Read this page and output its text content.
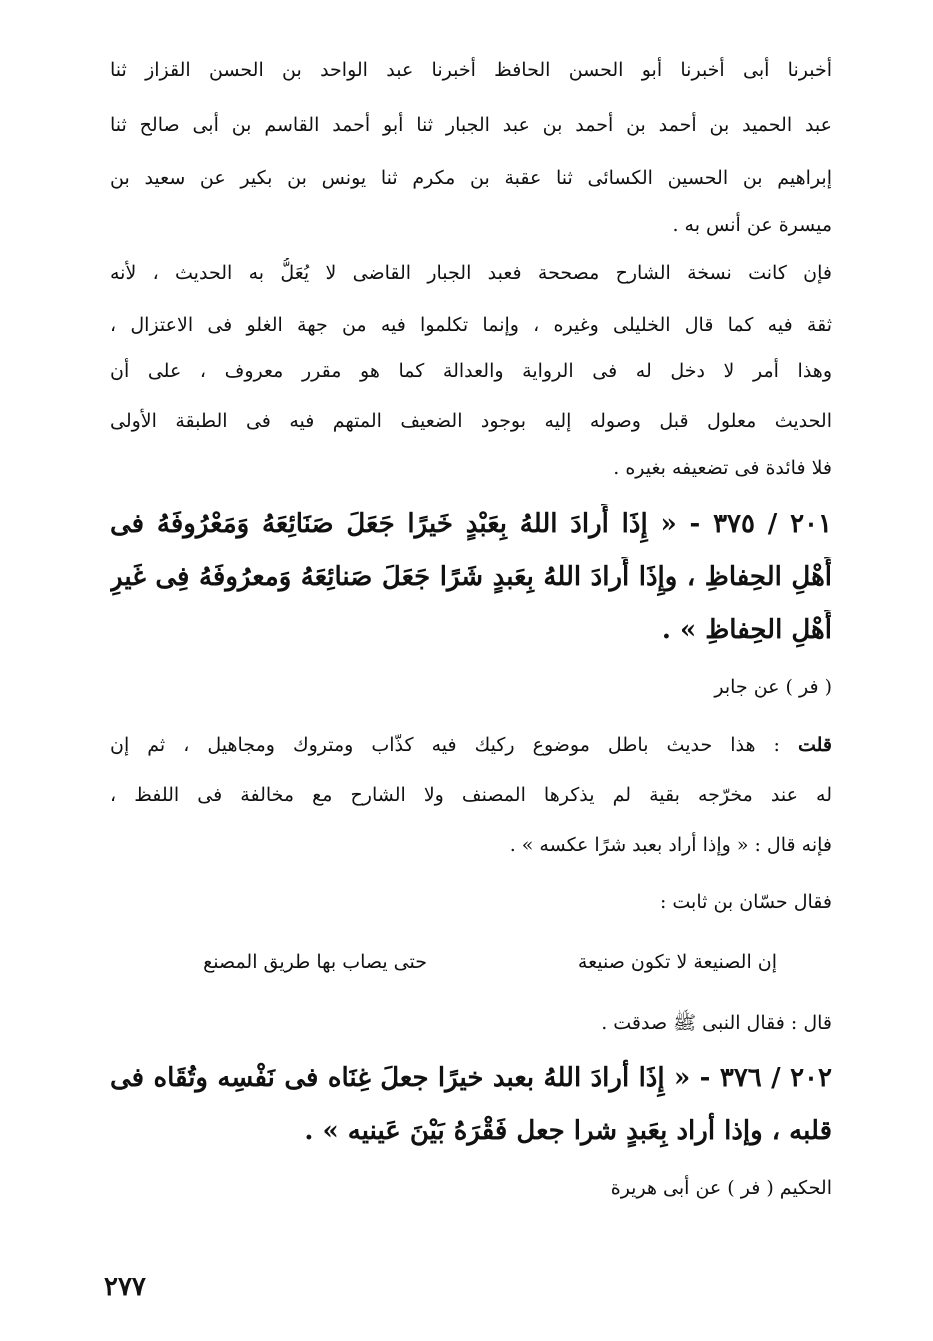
أخبرنا أبى أخبرنا أبو الحسن الحافظ أخبرنا عبد الواحد بن الحسن القزاز ثنا
عبد الحميد بن أحمد بن أحمد بن عبد الجبار ثنا أبو أحمد القاسم بن أبى صالح ثنا
إبراهيم بن الحسين الكسائى ثنا عقبة بن مكرم ثنا يونس بن بكير عن سعيد بن
ميسرة عن أنس به .
فإن كانت نسخة الشارح مصححة فعبد الجبار القاضى لا يُعَلُّ به الحديث ، لأنه
ثقة فيه كما قال الخليلى وغيره ، وإنما تكلموا فيه من جهة الغلو فى الاعتزال ،
وهذا أمر لا دخل له فى الرواية والعدالة كما هو مقرر معروف ، على أن
الحديث معلول قبل وصوله إليه بوجود الضعيف المتهم فيه فى الطبقة الأولى
فلا فائدة فى تضعيفه بغيره .
٢٠١ / ٣٧٥ - « إِذَا أَرادَ اللهُ بِعَبْدٍ خَيرًا جَعَلَ صَنَائِعَهُ وَمَعْرُوفَهُ فى
أَهْلِ الحِفاظِ ، وإِذَا أَرادَ اللهُ بِعَبدٍ شَرًا جَعَلَ صَنائِعَهُ وَمعرُوفَهُ فِى غَيرِ
أَهْلِ الحِفاظِ » .
( فر ) عن جابر
قلت : هذا حديث باطل موضوع ركيك فيه كذّاب ومتروك ومجاهيل ، ثم إن
له عند مخرّجه بقية لم يذكرها المصنف ولا الشارح مع مخالفة فى اللفظ ،
فإنه قال : « وإذا أراد بعبد شرًا عكسه » .
فقال حسّان بن ثابت :
إن الصنيعة لا تكون صنيعة
حتى يصاب بها طريق المصنع
قال : فقال النبى ﷺ صدقت .
٢٠٢ / ٣٧٦ - « إِذَا أرادَ اللهُ بعبد خيرًا جعلَ غِنَاه فى نَفْسِه وتُقَاه فى
قلبه ، وإذا أراد بِعَبدٍ شرا جعل فَقْرَهُ بَيْنَ عَينيه » .
الحكيم ( فر ) عن أبى هريرة
٢٧٧
